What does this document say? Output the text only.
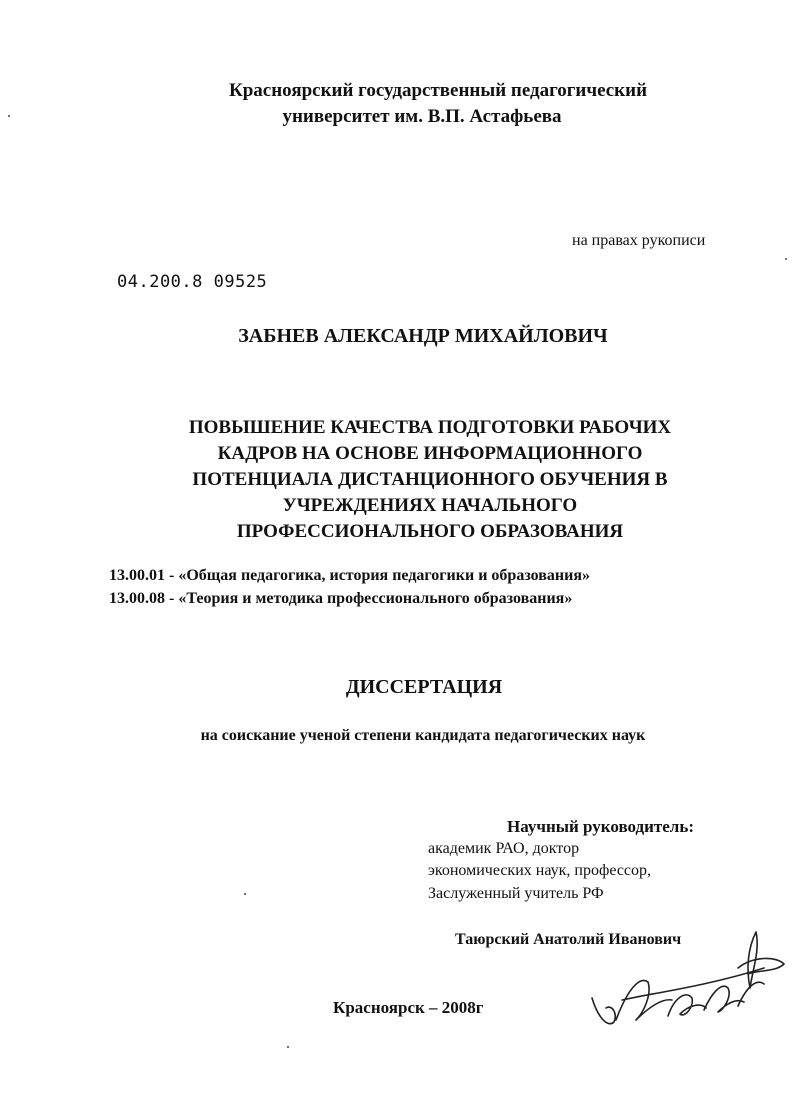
Красноярский государственный педагогический
университет им. В.П. Астафьева
на правах рукописи
04.200.8 09525
ЗАБНЕВ АЛЕКСАНДР МИХАЙЛОВИЧ
ПОВЫШЕНИЕ КАЧЕСТВА ПОДГОТОВКИ РАБОЧИХ
КАДРОВ НА ОСНОВЕ ИНФОРМАЦИОННОГО
ПОТЕНЦИАЛА ДИСТАНЦИОННОГО ОБУЧЕНИЯ В
УЧРЕЖДЕНИЯХ НАЧАЛЬНОГО
ПРОФЕССИОНАЛЬНОГО ОБРАЗОВАНИЯ
13.00.01 - «Общая педагогика, история педагогики и образования»
13.00.08 - «Теория и методика профессионального образования»
ДИССЕРТАЦИЯ
на соискание ученой степени кандидата педагогических наук
Научный руководитель:
академик РАО, доктор
экономических наук, профессор,
Заслуженный учитель РФ
Таюрский Анатолий Иванович
Красноярск – 2008г
